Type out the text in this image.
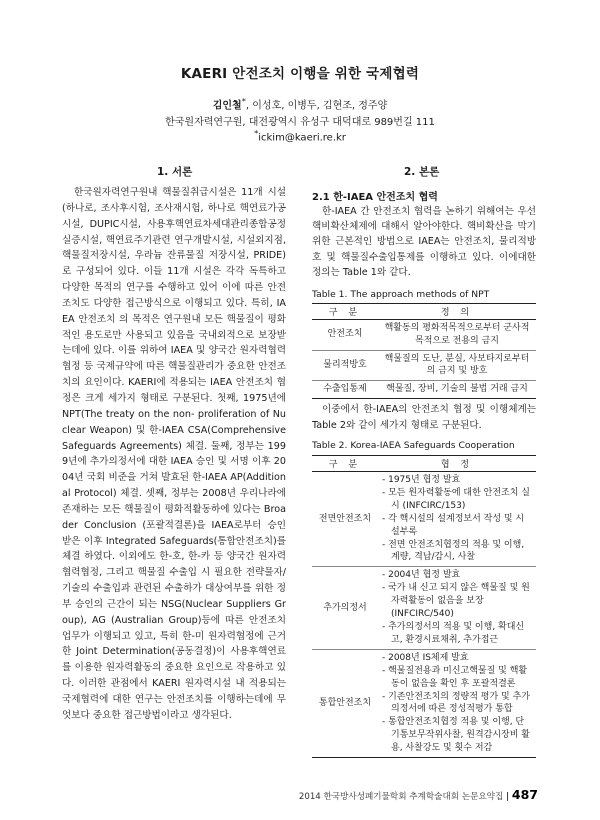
KAERI 안전조치 이행을 위한 국제협력
김인철*, 이성호, 이병두, 김현조, 정주양
한국원자력연구원, 대전광역시 유성구 대덕대로 989번길 111
*ickim@kaeri.re.kr
1. 서론	2. 본론

한국원자력연구원내 핵물질취급시설은 11개 시설(하나로, 조사후시험, 조사재시험, 하나로 핵연료가공시설, DUPIC시설, 사용후핵연료차세대관리종합공정 실증시설, 핵연료주기관련 연구개발시설, 시설외지점, 핵물질저장시설, 우라늄 잔류물질 저장시설, PRIDE)로 구성되어 있다. 이들 11개 시설은 각각 독특하고 다양한 목적의 연구를 수행하고 있어 이에 따른 안전조치도 다양한 접근방식으로 이행되고 있다. 특히, IAEA 안전조치 의 목적은 연구원내 모든 핵물질이 평화적인 용도로만 사용되고 있음을 국내외적으로 보장받는데에 있다. 이를 위하여 IAEA 및 양국간 원자력협력협정 등 국제규약에 따른 핵물질관리가 중요한 안전조치의 요인이다. KAERI에 적용되는 IAEA 안전조치 협정은 크게 세가지 형태로 구분된다. 첫째, 1975년에 NPT(The treaty on the non- proliferation of Nuclear Weapon) 및 한-IAEA CSA(Comprehensive Safeguards Agreements) 체결. 둘째, 정부는 1999년에 추가의정서에 대한 IAEA 승인 및 서명 이후 2004년 국회 비준을 거쳐 발효된 한-IAEA AP(Additional Protocol) 체결. 셋째, 정부는 2008년 우리나라에 존재하는 모든 핵물질이 평화적활동하에 있다는 Broader Conclusion (포괄적결론)을 IAEA로부터 승인 받은 이후 Integrated Safeguards(통합안전조치)를 체결 하였다. 이외에도 한-호, 한-카 등 양국간 원자력협력협정, 그리고 핵물질 수출입 시 필요한 전략물자/기술의 수출입과 관련된 수출하가 대상여부를 위한 정부 승인의 근간이 되는 NSG(Nuclear Suppliers Group), AG (Australian Group)등에 따른 안전조치 업무가 이행되고 있고, 특히 한-미 원자력협정에 근거한 Joint Determination(공동결정)이 사용후핵연료를 이용한 원자력활동의 중요한 요인으로 작용하고 있다. 이러한 관점에서 KAERI 원자력시설 내 적용되는 국제협력에 대한 연구는 안전조치를 이행하는데에 무엇보다 중요한 접근방법이라고 생각된다.

2.1 한-IAEA 안전조치 협력

한-IAEA 간 안전조치 협력을 논하기 위해여는 우선 핵비확산체제에 대해서 알아야한다. 핵비확산을 막기위한 근본적인 방법으로 IAEA는 안전조치, 물리적방호 및 핵물질수출입통제를 이행하고 있다. 이에대한 정의는 Table 1와 같다.

Table 1. The approach methods of NPT
구 분	정 의
안전조치	핵활동의 평화적목적으로부터 군사적목적으로 전용의 금지
물리적방호	핵물질의 도난, 분실, 사보타지로부터의 금지 및 방호
수출입통제	핵물질, 장비, 기술의 불법 거래 금지

이중에서 한-IAEA의 안전조치 협정 및 이행체계는 Table 2와 같이 세가지 형태로 구분된다.

Table 2. Korea-IAEA Safeguards Cooperation
구 분	협 정
전면안전조치	- 1975년 협정 발효
- 모든 원자력활동에 대한 안전조치 실시 (INFCIRC/153)
- 각 핵시설의 설계정보서 작성 및 시설부록
- 전면 안전조치협정의 적용 및 이행, 계량, 격납/감시, 사찰

추가의정서	- 2004년 협정 발효
- 국가 내 신고 되지 않은 핵물질 및 원자력활동이 없음을 보장(INFCIRC/540)
- 추가의정서의 적용 및 이행, 확대신고, 환경시료채취, 추가접근

통합안전조치	- 2008년 IS체제 발효
- 핵물질전용과 미신고핵물질 및 핵활동이 없음을 확인 후 포괄적결론
- 기존안전조치의 정량적 평가 및 추가의정서에 따른 정성적평가 통합
- 통합안전조치협정 적용 및 이행, 단기통보무작위사찰, 원격감시장비 활용, 사찰강도 및 횟수 저감
2014 한국방사성폐기물학회 추계학술대회 논문요약집 | 487
